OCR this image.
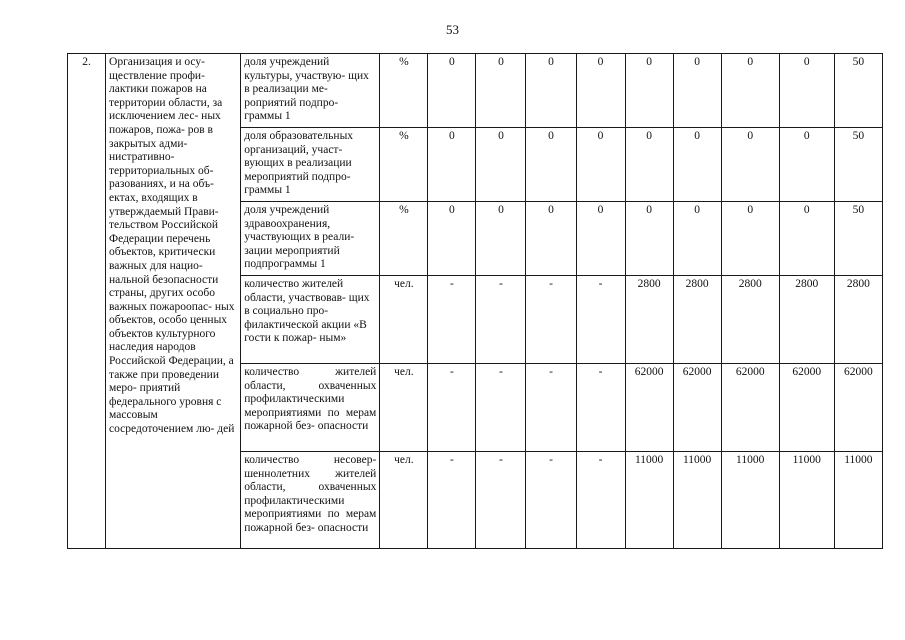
53
2.	Организация и осу- ществление профи- лактики пожаров на территории области, за исключением лес- ных пожаров, пожа- ров в закрытых адми- нистративно- территориальных об- разованиях, и на объ- ектах, входящих в утверждаемый Прави- тельством Российской Федерации перечень объектов, критически важных для нацио- нальной безопасности страны, других особо важных пожароопас- ных объектов, особо ценных объектов культурного наследия народов Российской Федерации, а также при проведении меро- приятий федерального уровня с массовым сосредоточением лю- дей	доля учреждений культуры, участвую- щих в реализации ме- роприятий подпро- граммы 1	%	0	0	0	0	0	0	0	0	50
		доля образовательных организаций, участ- вующих в реализации мероприятий подпро- граммы 1	%	0	0	0	0	0	0	0	0	50
		доля учреждений здравоохранения, участвующих в реали- зации мероприятий подпрограммы 1	%	0	0	0	0	0	0	0	0	50
		количество жителей области, участвовав- щих в социально про- филактической акции «В гости к пожар- ным»	чел.	-	-	-	-	2800	2800	2800	2800	2800
		количество жителей области, охваченных профилактическими мероприятиями по мерам пожарной без- опасности	чел.	-	-	-	-	62000	62000	62000	62000	62000
		количество несовер- шеннолетних жителей области, охваченных профилактическими мероприятиями по мерам пожарной без- опасности	чел.	-	-	-	-	11000	11000	11000	11000	11000
